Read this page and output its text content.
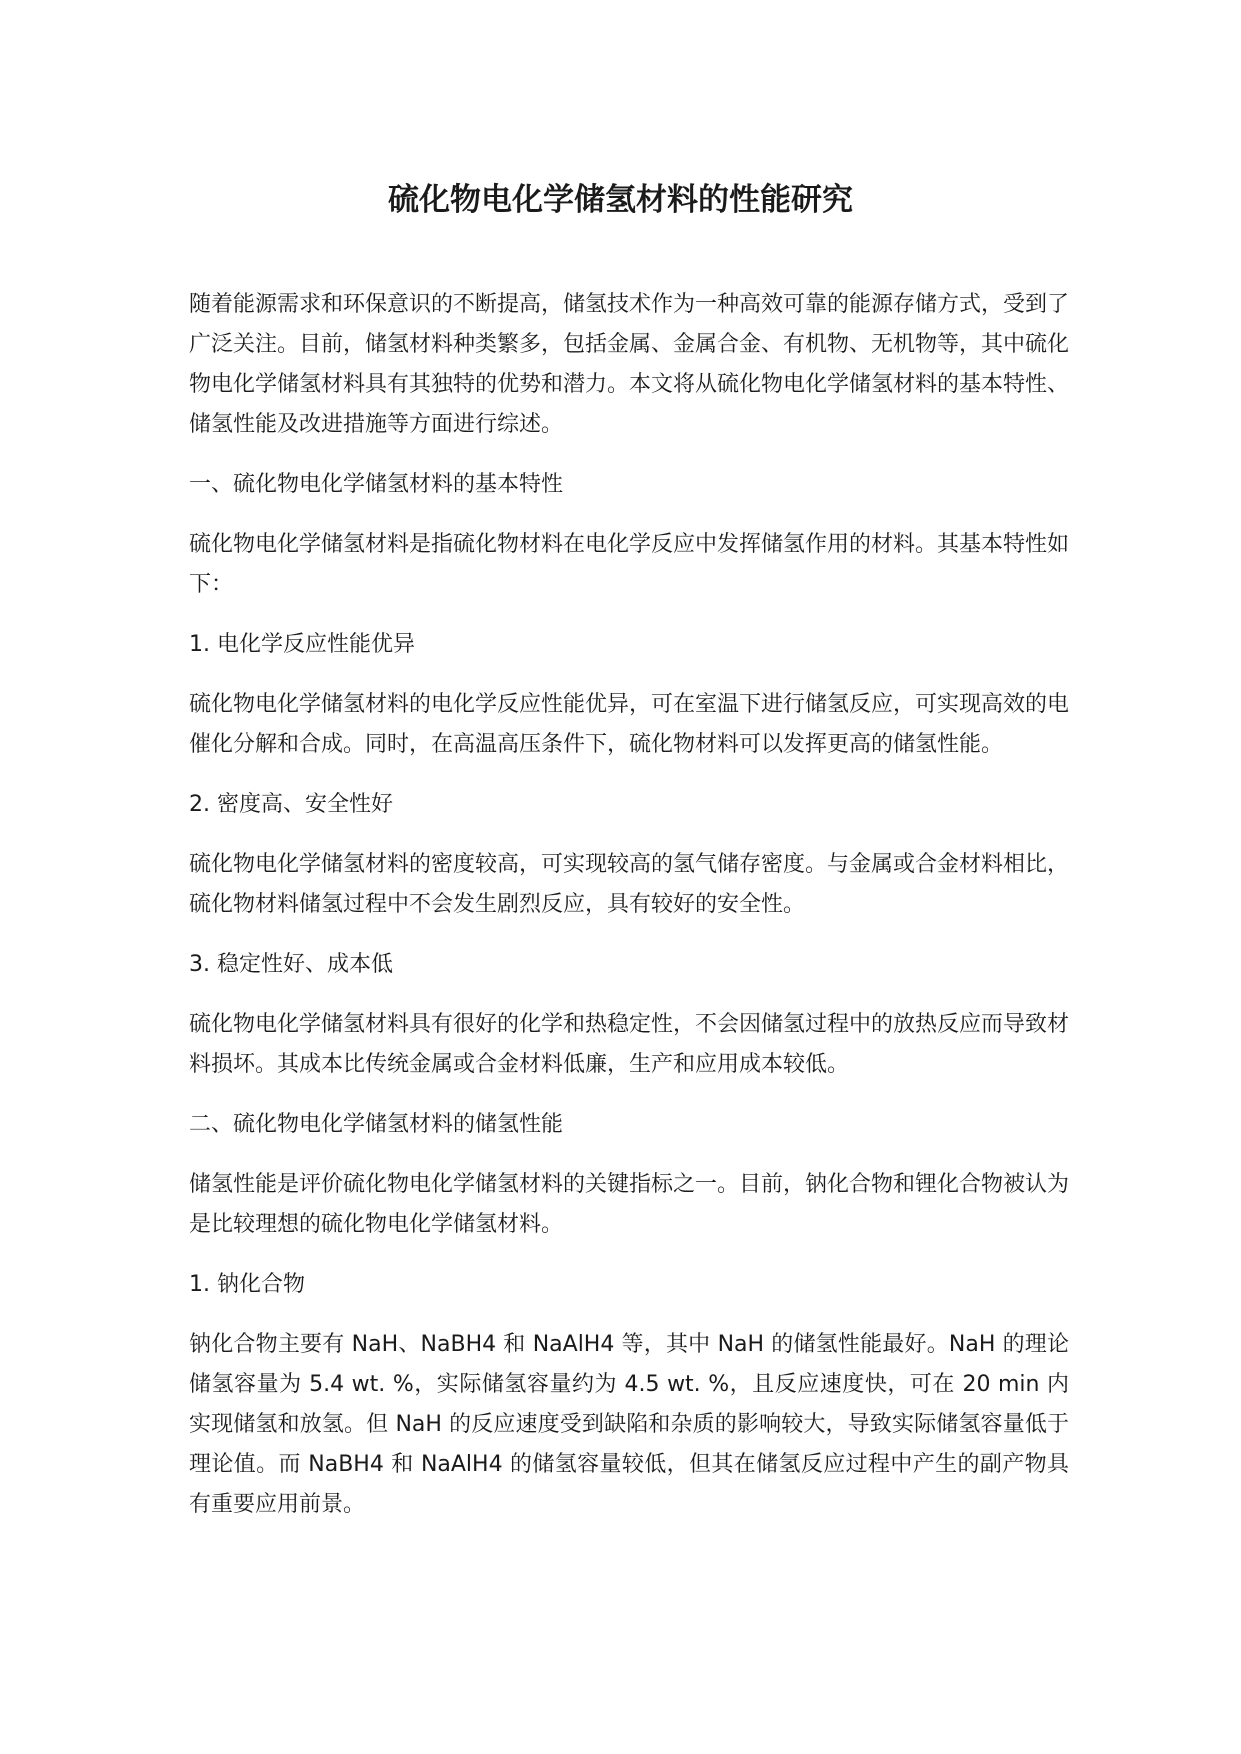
硫化物电化学储氢材料的性能研究

随着能源需求和环保意识的不断提高，储氢技术作为一种高效可靠的能源存储方式，受到了广泛关注。目前，储氢材料种类繁多，包括金属、金属合金、有机物、无机物等，其中硫化物电化学储氢材料具有其独特的优势和潜力。本文将从硫化物电化学储氢材料的基本特性、储氢性能及改进措施等方面进行综述。

一、硫化物电化学储氢材料的基本特性

硫化物电化学储氢材料是指硫化物材料在电化学反应中发挥储氢作用的材料。其基本特性如下：

1. 电化学反应性能优异

硫化物电化学储氢材料的电化学反应性能优异，可在室温下进行储氢反应，可实现高效的电催化分解和合成。同时，在高温高压条件下，硫化物材料可以发挥更高的储氢性能。

2. 密度高、安全性好

硫化物电化学储氢材料的密度较高，可实现较高的氢气储存密度。与金属或合金材料相比，硫化物材料储氢过程中不会发生剧烈反应，具有较好的安全性。

3. 稳定性好、成本低

硫化物电化学储氢材料具有很好的化学和热稳定性，不会因储氢过程中的放热反应而导致材料损坏。其成本比传统金属或合金材料低廉，生产和应用成本较低。

二、硫化物电化学储氢材料的储氢性能

储氢性能是评价硫化物电化学储氢材料的关键指标之一。目前，钠化合物和锂化合物被认为是比较理想的硫化物电化学储氢材料。

1. 钠化合物

钠化合物主要有 NaH、NaBH4 和 NaAlH4 等，其中 NaH 的储氢性能最好。NaH 的理论储氢容量为 5.4 wt. %，实际储氢容量约为 4.5 wt. %，且反应速度快，可在 20 min 内实现储氢和放氢。但 NaH 的反应速度受到缺陷和杂质的影响较大，导致实际储氢容量低于理论值。而 NaBH4 和 NaAlH4 的储氢容量较低，但其在储氢反应过程中产生的副产物具有重要应用前景。
